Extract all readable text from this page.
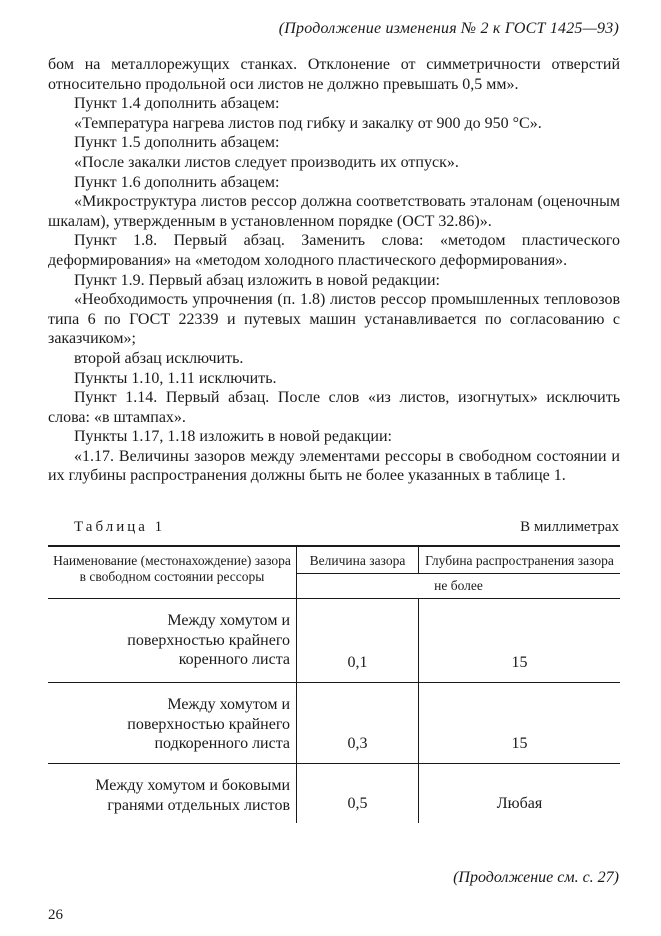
(Продолжение изменения № 2 к ГОСТ 1425—93)

бом на металлорежущих станках. Отклонение от симметричности отверстий относительно продольной оси листов не должно превышать 0,5 мм».

Пункт 1.4 дополнить абзацем:

«Температура нагрева листов под гибку и закалку от 900 до 950 °С».

Пункт 1.5 дополнить абзацем:

«После закалки листов следует производить их отпуск».

Пункт 1.6 дополнить абзацем:

«Микроструктура листов рессор должна соответствовать эталонам (оценочным шкалам), утвержденным в установленном порядке (ОСТ 32.86)».

Пункт 1.8. Первый абзац. Заменить слова: «методом пластического деформирования» на «методом холодного пластического деформирования».

Пункт 1.9. Первый абзац изложить в новой редакции:

«Необходимость упрочнения (п. 1.8) листов рессор промышленных тепловозов типа 6 по ГОСТ 22339 и путевых машин устанавливается по согласованию с заказчиком»;

второй абзац исключить.

Пункты 1.10, 1.11 исключить.

Пункт 1.14. Первый абзац. После слов «из листов, изогнутых» исключить слова: «в штампах».

Пункты 1.17, 1.18 изложить в новой редакции:

«1.17. Величины зазоров между элементами рессоры в свободном состоянии и их глубины распространения должны быть не более указанных в таблице 1.

Таблица 1	В миллиметрах
Наименование (местонахождение) зазора в свободном состоянии рессоры	Величина зазора	Глубина распространения зазора
	не более	
Между хомутом и поверхностью крайнего коренного листа	0,1	15
Между хомутом и поверхностью крайнего подкоренного листа	0,3	15
Между хомутом и боковыми гранями отдельных листов	0,5	Любая
(Продолжение см. с. 27)
26
